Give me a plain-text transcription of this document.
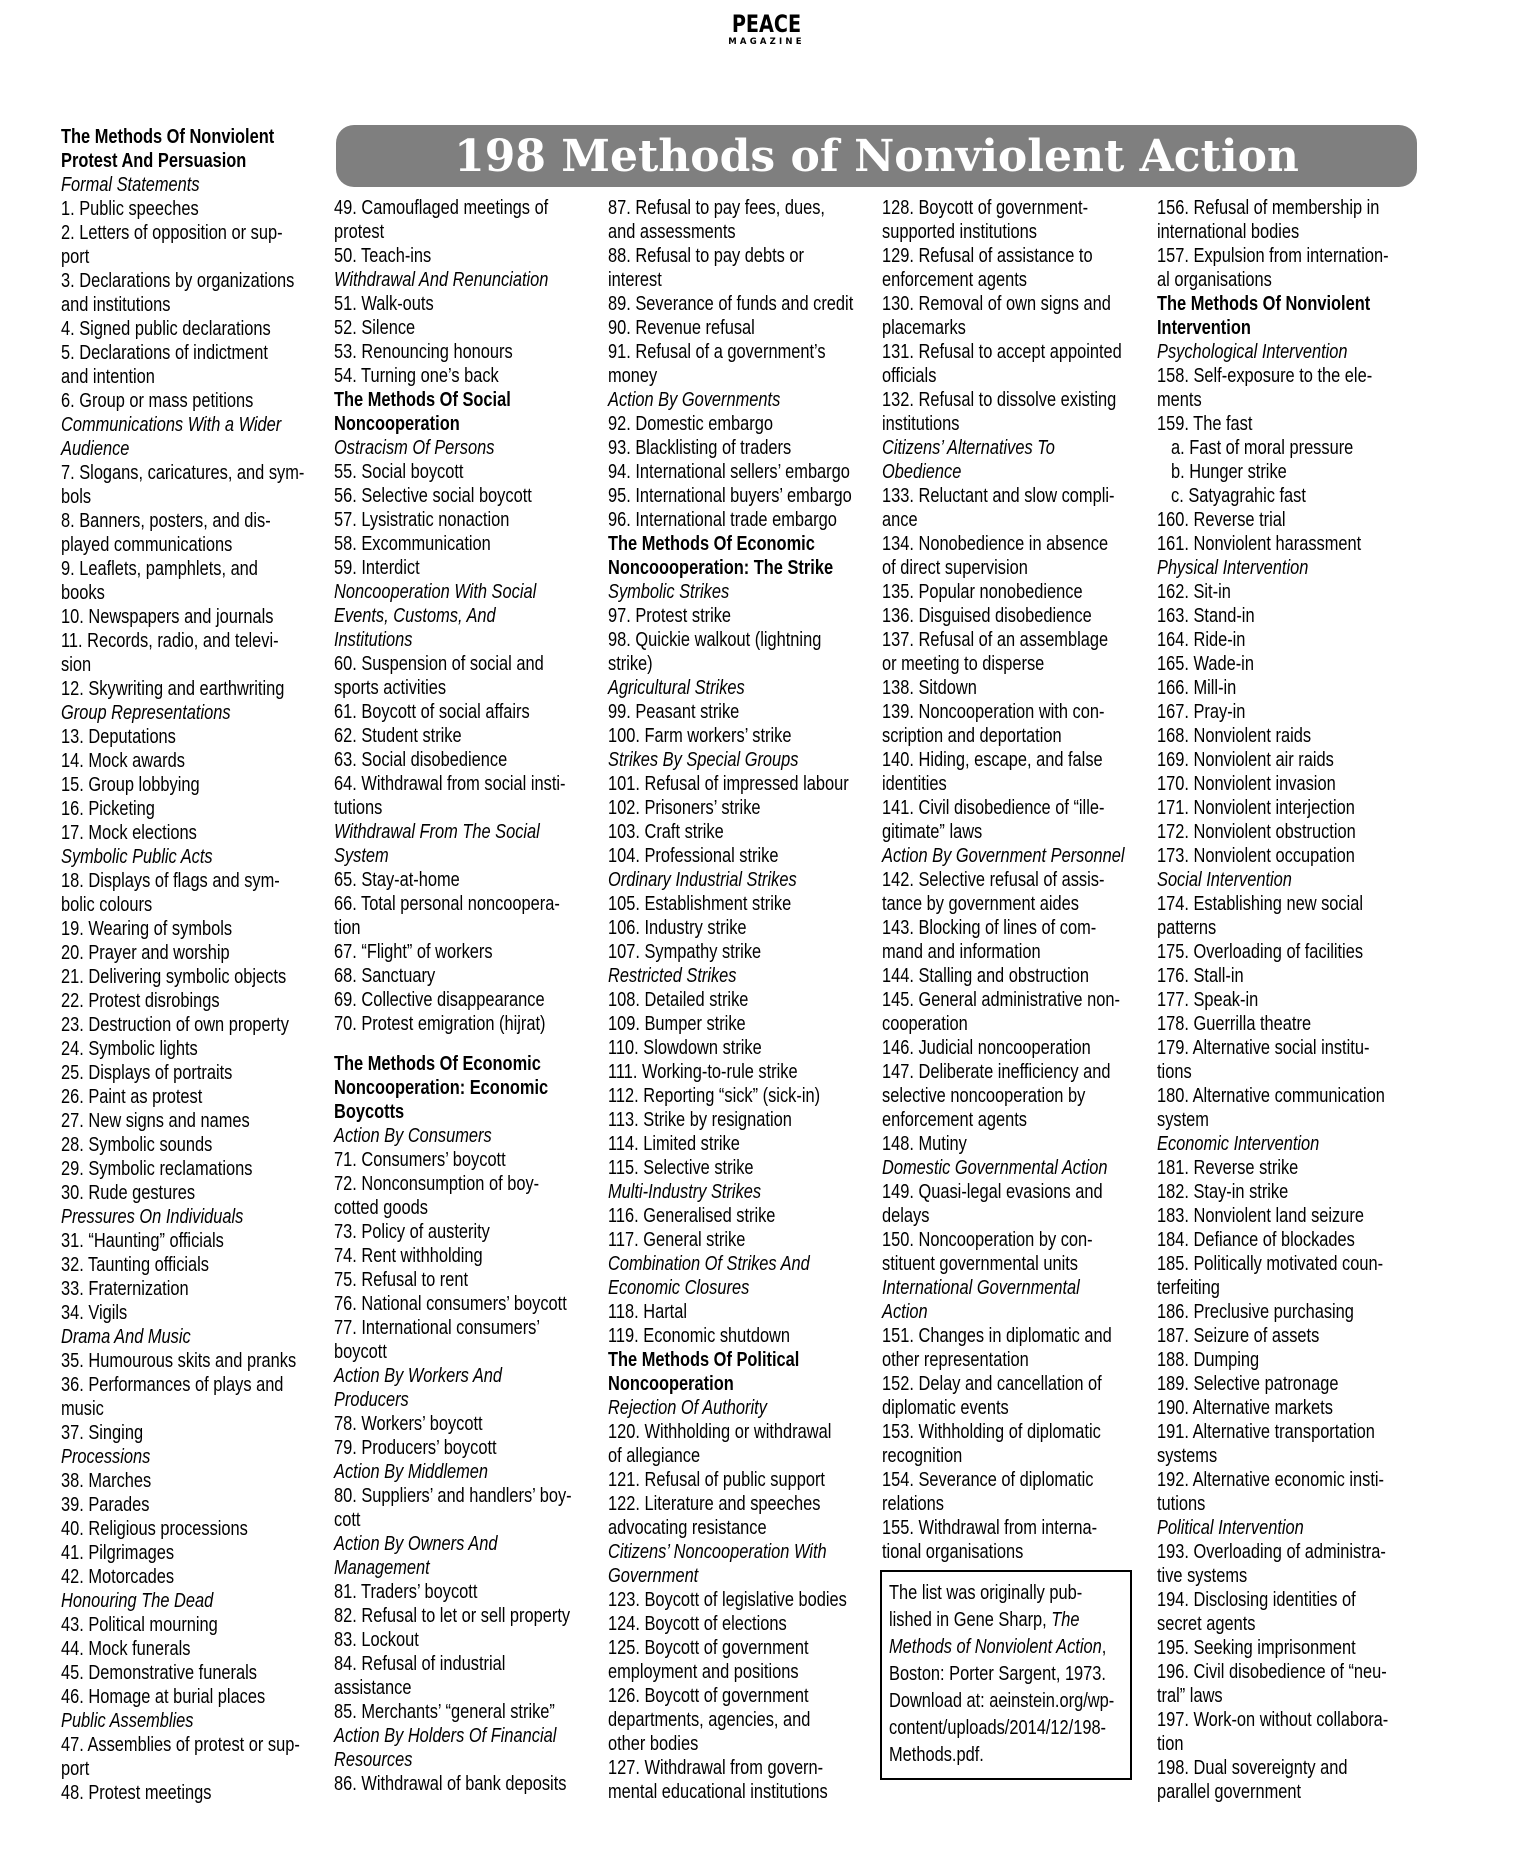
PEACE
MAGAZINE
198 Methods of Nonviolent Action
The Methods Of Nonviolent
Protest And Persuasion
Formal Statements
1. Public speeches
2. Letters of opposition or sup-
port
3. Declarations by organizations
and institutions
4. Signed public declarations
5. Declarations of indictment
and intention
6. Group or mass petitions
Communications With a Wider
Audience
7. Slogans, caricatures, and sym-
bols
8. Banners, posters, and dis-
played communications
9. Leaflets, pamphlets, and
books
10. Newspapers and journals
11. Records, radio, and televi-
sion
12. Skywriting and earthwriting
Group Representations
13. Deputations
14. Mock awards
15. Group lobbying
16. Picketing
17. Mock elections
Symbolic Public Acts
18. Displays of flags and sym-
bolic colours
19. Wearing of symbols
20. Prayer and worship
21. Delivering symbolic objects
22. Protest disrobings
23. Destruction of own property
24. Symbolic lights
25. Displays of portraits
26. Paint as protest
27. New signs and names
28. Symbolic sounds
29. Symbolic reclamations
30. Rude gestures
Pressures On Individuals
31. “Haunting” officials
32. Taunting officials
33. Fraternization
34. Vigils
Drama And Music
35. Humourous skits and pranks
36. Performances of plays and
music
37. Singing
Processions
38. Marches
39. Parades
40. Religious processions
41. Pilgrimages
42. Motorcades
Honouring The Dead
43. Political mourning
44. Mock funerals
45. Demonstrative funerals
46. Homage at burial places
Public Assemblies
47. Assemblies of protest or sup-
port
48. Protest meetings
49. Camouflaged meetings of
protest
50. Teach-ins
Withdrawal And Renunciation
51. Walk-outs
52. Silence
53. Renouncing honours
54. Turning one’s back
The Methods Of Social
Noncooperation
Ostracism Of Persons
55. Social boycott
56. Selective social boycott
57. Lysistratic nonaction
58. Excommunication
59. Interdict
Noncooperation With Social
Events, Customs, And
Institutions
60. Suspension of social and
sports activities
61. Boycott of social affairs
62. Student strike
63. Social disobedience
64. Withdrawal from social insti-
tutions
Withdrawal From The Social
System
65. Stay-at-home
66. Total personal noncoopera-
tion
67. “Flight” of workers
68. Sanctuary
69. Collective disappearance
70. Protest emigration (hijrat)
The Methods Of Economic
Noncooperation: Economic
Boycotts
Action By Consumers
71. Consumers’ boycott
72. Nonconsumption of boy-
cotted goods
73. Policy of austerity
74. Rent withholding
75. Refusal to rent
76. National consumers’ boycott
77. International consumers’
boycott
Action By Workers And
Producers
78. Workers’ boycott
79. Producers’ boycott
Action By Middlemen
80. Suppliers’ and handlers’ boy-
cott
Action By Owners And
Management
81. Traders’ boycott
82. Refusal to let or sell property
83. Lockout
84. Refusal of industrial
assistance
85. Merchants’ “general strike”
Action By Holders Of Financial
Resources
86. Withdrawal of bank deposits
87. Refusal to pay fees, dues,
and assessments
88. Refusal to pay debts or
interest
89. Severance of funds and credit
90. Revenue refusal
91. Refusal of a government’s
money
Action By Governments
92. Domestic embargo
93. Blacklisting of traders
94. International sellers’ embargo
95. International buyers’ embargo
96. International trade embargo
The Methods Of Economic
Noncoooperation: The Strike
Symbolic Strikes
97. Protest strike
98. Quickie walkout (lightning
strike)
Agricultural Strikes
99. Peasant strike
100. Farm workers’ strike
Strikes By Special Groups
101. Refusal of impressed labour
102. Prisoners’ strike
103. Craft strike
104. Professional strike
Ordinary Industrial Strikes
105. Establishment strike
106. Industry strike
107. Sympathy strike
Restricted Strikes
108. Detailed strike
109. Bumper strike
110. Slowdown strike
111. Working-to-rule strike
112. Reporting “sick” (sick-in)
113. Strike by resignation
114. Limited strike
115. Selective strike
Multi-Industry Strikes
116. Generalised strike
117. General strike
Combination Of Strikes And
Economic Closures
118. Hartal
119. Economic shutdown
The Methods Of Political
Noncooperation
Rejection Of Authority
120. Withholding or withdrawal
of allegiance
121. Refusal of public support
122. Literature and speeches
advocating resistance
Citizens’ Noncooperation With
Government
123. Boycott of legislative bodies
124. Boycott of elections
125. Boycott of government
employment and positions
126. Boycott of government
departments, agencies, and
other bodies
127. Withdrawal from govern-
mental educational institutions
128. Boycott of government-
supported institutions
129. Refusal of assistance to
enforcement agents
130. Removal of own signs and
placemarks
131. Refusal to accept appointed
officials
132. Refusal to dissolve existing
institutions
Citizens’ Alternatives To
Obedience
133. Reluctant and slow compli-
ance
134. Nonobedience in absence
of direct supervision
135. Popular nonobedience
136. Disguised disobedience
137. Refusal of an assemblage
or meeting to disperse
138. Sitdown
139. Noncooperation with con-
scription and deportation
140. Hiding, escape, and false
identities
141. Civil disobedience of “ille-
gitimate” laws
Action By Government Personnel
142. Selective refusal of assis-
tance by government aides
143. Blocking of lines of com-
mand and information
144. Stalling and obstruction
145. General administrative non-
cooperation
146. Judicial noncooperation
147. Deliberate inefficiency and
selective noncooperation by
enforcement agents
148. Mutiny
Domestic Governmental Action
149. Quasi-legal evasions and
delays
150. Noncooperation by con-
stituent governmental units
International Governmental
Action
151. Changes in diplomatic and
other representation
152. Delay and cancellation of
diplomatic events
153. Withholding of diplomatic
recognition
154. Severance of diplomatic
relations
155. Withdrawal from interna-
tional organisations
156. Refusal of membership in
international bodies
157. Expulsion from internation-
al organisations
The Methods Of Nonviolent
Intervention
Psychological Intervention
158. Self-exposure to the ele-
ments
159. The fast
a. Fast of moral pressure
b. Hunger strike
c. Satyagrahic fast
160. Reverse trial
161. Nonviolent harassment
Physical Intervention
162. Sit-in
163. Stand-in
164. Ride-in
165. Wade-in
166. Mill-in
167. Pray-in
168. Nonviolent raids
169. Nonviolent air raids
170. Nonviolent invasion
171. Nonviolent interjection
172. Nonviolent obstruction
173. Nonviolent occupation
Social Intervention
174. Establishing new social
patterns
175. Overloading of facilities
176. Stall-in
177. Speak-in
178. Guerrilla theatre
179. Alternative social institu-
tions
180. Alternative communication
system
Economic Intervention
181. Reverse strike
182. Stay-in strike
183. Nonviolent land seizure
184. Defiance of blockades
185. Politically motivated coun-
terfeiting
186. Preclusive purchasing
187. Seizure of assets
188. Dumping
189. Selective patronage
190. Alternative markets
191. Alternative transportation
systems
192. Alternative economic insti-
tutions
Political Intervention
193. Overloading of administra-
tive systems
194. Disclosing identities of
secret agents
195. Seeking imprisonment
196. Civil disobedience of “neu-
tral” laws
197. Work-on without collabora-
tion
198. Dual sovereignty and
parallel government
The list was originally pub-
lished in Gene Sharp, The
Methods of Nonviolent Action,
Boston: Porter Sargent, 1973.
Download at: aeinstein.org/wp-
content/uploads/2014/12/198-
Methods.pdf.
